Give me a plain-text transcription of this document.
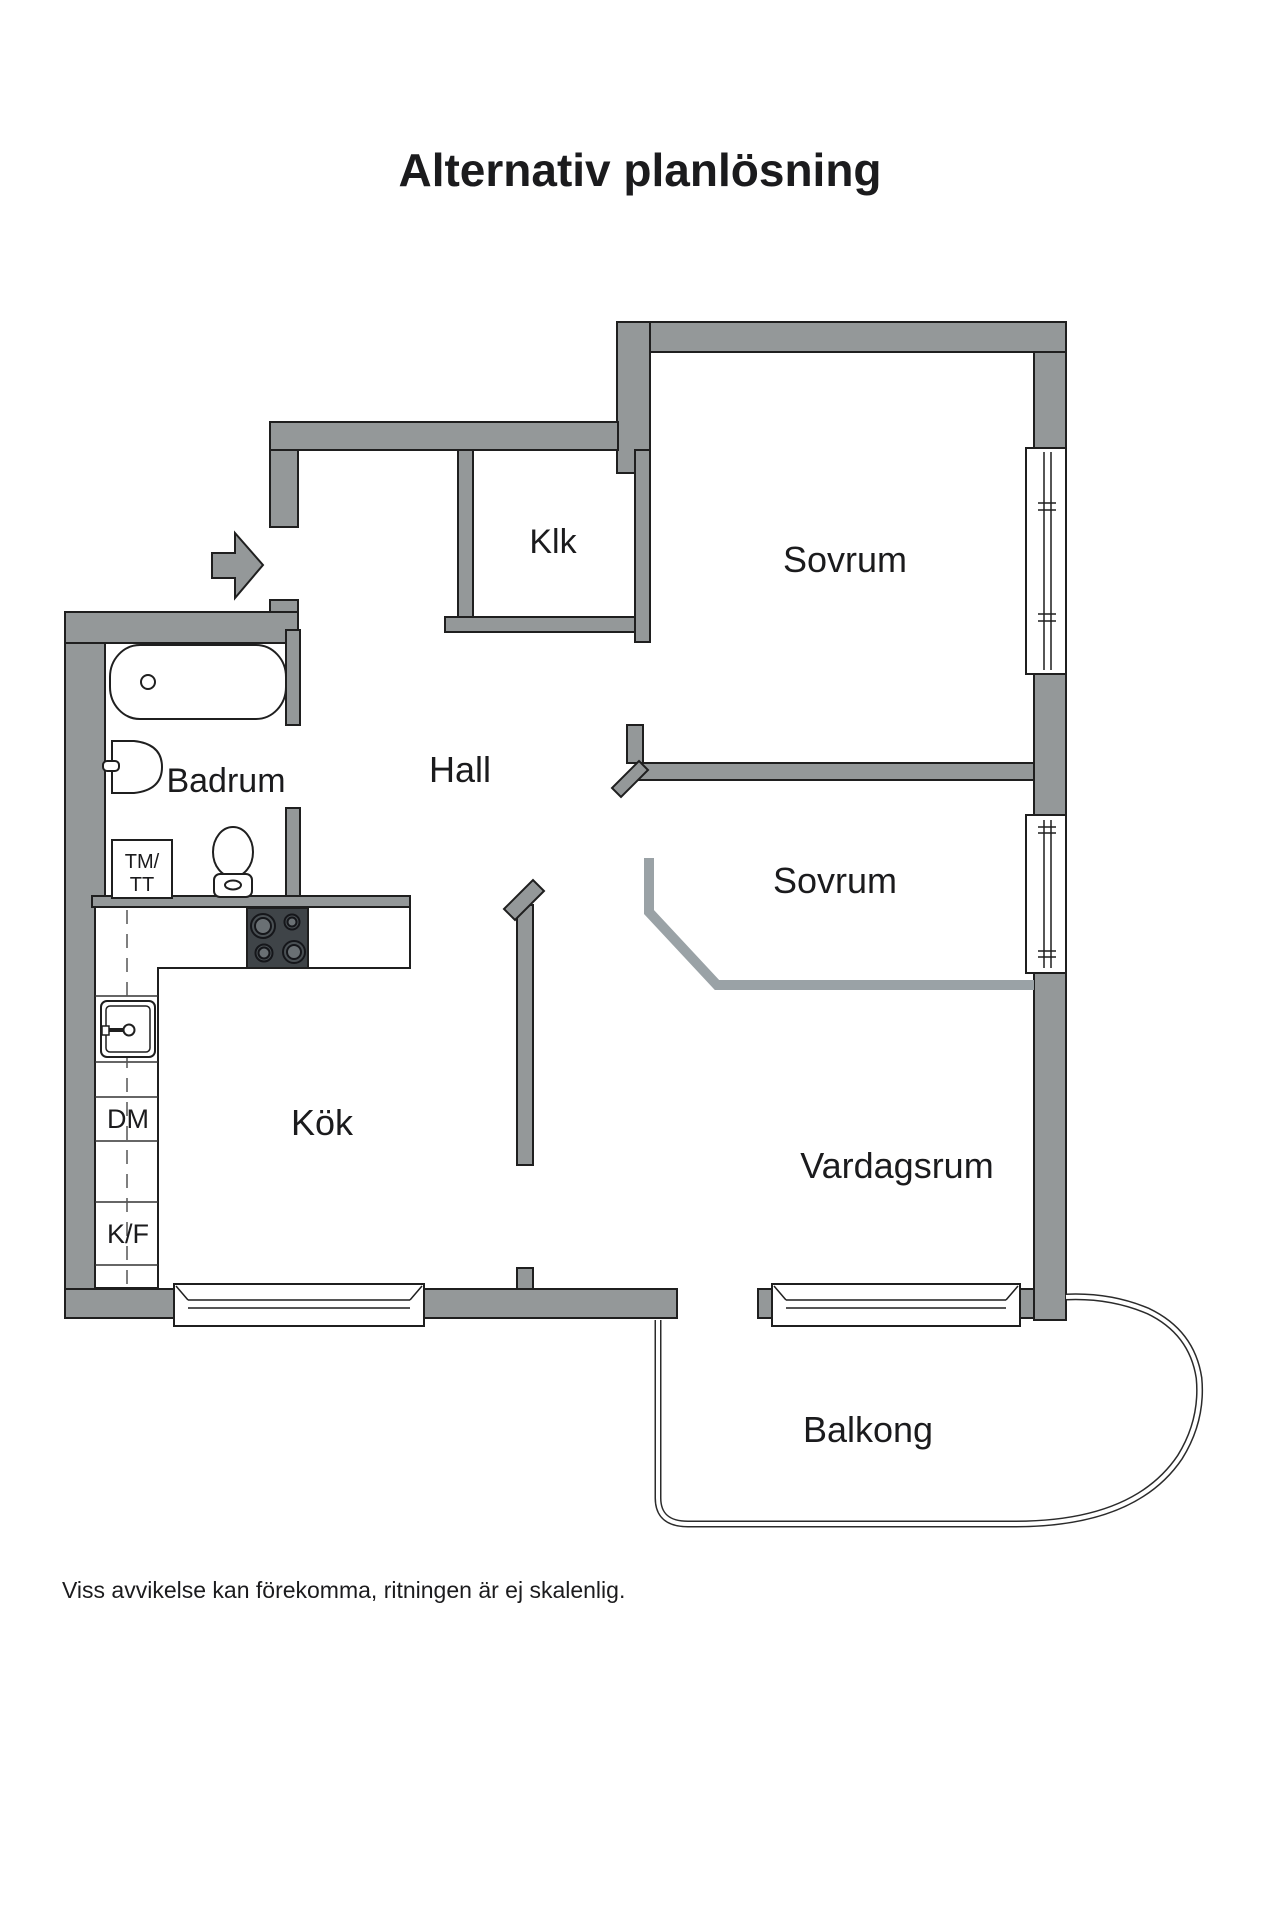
Alternativ planlösning
Klk	Sovrum
Hall
Badrum
Sovrum
Kök
Vardagsrum
Balkong
TM/
TT
DM
K/F
Viss avvikelse kan förekomma, ritningen är ej skalenlig.
